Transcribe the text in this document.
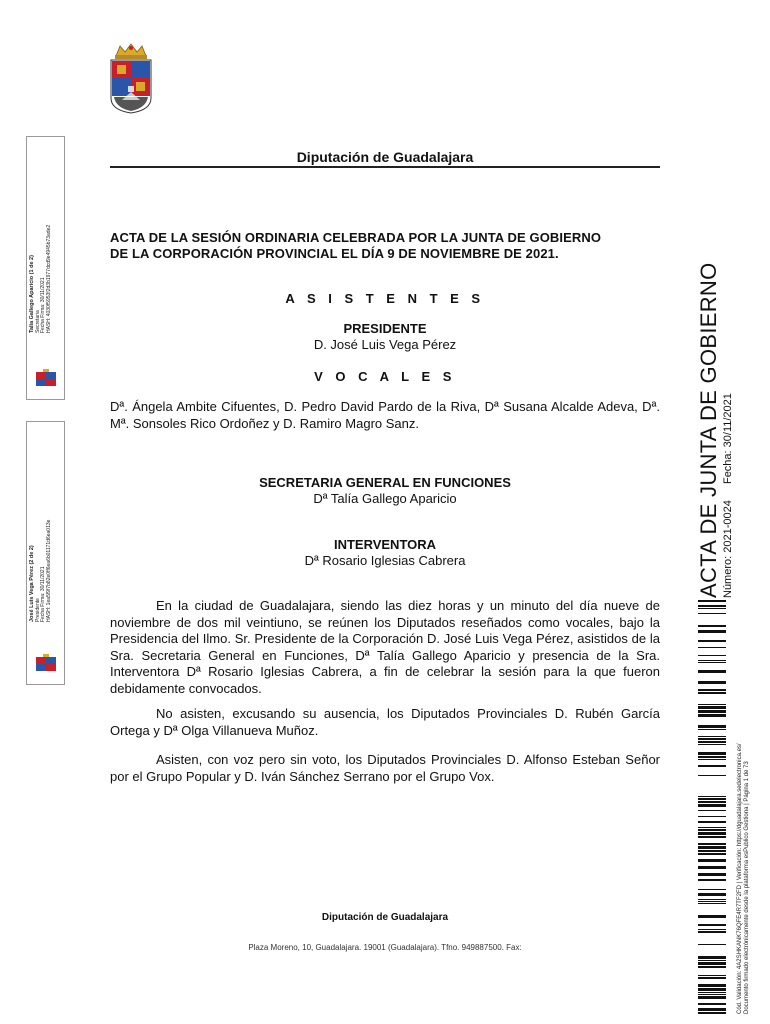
Diputación de Guadalajara
ACTA DE LA SESIÓN ORDINARIA CELEBRADA POR LA JUNTA DE GOBIERNO
DE LA CORPORACIÓN PROVINCIAL EL DÍA 9 DE NOVIEMBRE DE 2021.
A S I S T E N T E S
PRESIDENTE
D. José Luis Vega Pérez
V O C A L E S
Dª. Ángela Ambite Cifuentes, D. Pedro David Pardo de la Riva, Dª Susana Alcalde Adeva, Dª. Mª. Sonsoles Rico Ordoñez y D. Ramiro Magro Sanz.
SECRETARIA GENERAL EN FUNCIONES
Dª Talía Gallego Aparicio
INTERVENTORA
Dª Rosario Iglesias Cabrera
En la ciudad de Guadalajara, siendo las diez horas y un minuto del día nueve de noviembre de dos mil veintiuno, se reúnen los Diputados reseñados como vocales, bajo la Presidencia del Ilmo. Sr. Presidente de la Corporación D. José Luis Vega Pérez, asistidos de la Sra. Secretaria General en Funciones, Dª Talía Gallego Aparicio y presencia de la Sra. Interventora Dª Rosario Iglesias Cabrera, a fin de celebrar la sesión para la que fueron debidamente convocados.
No asisten, excusando su ausencia, los Diputados Provinciales D. Rubén García Ortega y Dª Olga Villanueva Muñoz.
Asisten, con voz pero sin voto, los Diputados Provinciales D. Alfonso Esteban Señor por el Grupo Popular y D. Iván Sánchez Serrano por el Grupo Vox.
Diputación de Guadalajara
Plaza Moreno, 10, Guadalajara. 19001 (Guadalajara). Tfno. 949887500. Fax:
Talía Gallego Aparicio (1 de 2)
Secretaria
Fecha Firma: 30/11/2021
HASH: 4030f5953f2d3b1977dcd9e4945b73ade2
José Luis Vega Pérez (2 de 2)
Presidente
Fecha Firma: 30/11/2021
HASH: 1ea5f9f7b82e0ff6ea6b01171d6ea013e	ACTA DE JUNTA DE GOBIERNO Número: 2021-0024  Fecha: 30/11/2021
Cód. Validación: 4A2SHKANK76QFE4R7TF2FD | Verificación: https://dguadalajara.sedelectronica.es/ Documento firmado electrónicamente desde la plataforma esPublico Gestiona | Página 1 de 73
